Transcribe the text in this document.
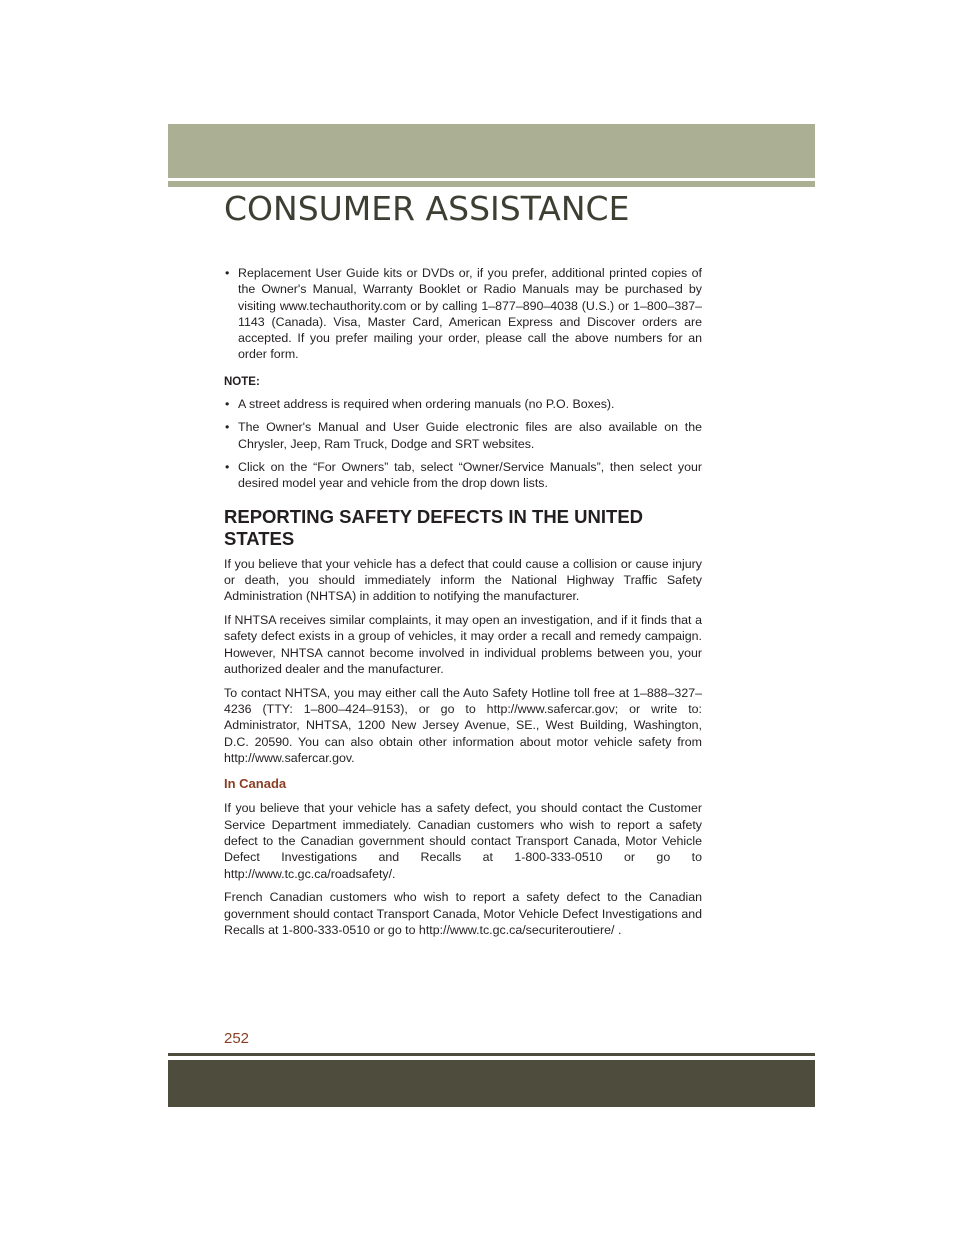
CONSUMER ASSISTANCE
• Replacement User Guide kits or DVDs or, if you prefer, additional printed copies of the Owner's Manual, Warranty Booklet or Radio Manuals may be purchased by visiting www.techauthority.com or by calling 1–877–890–4038 (U.S.) or 1–800–387–1143 (Canada). Visa, Master Card, American Express and Discover orders are accepted. If you prefer mailing your order, please call the above numbers for an order form.

NOTE:

• A street address is required when ordering manuals (no P.O. Boxes).
• The Owner's Manual and User Guide electronic files are also available on the Chrysler, Jeep, Ram Truck, Dodge and SRT websites.
• Click on the “For Owners” tab, select “Owner/Service Manuals”, then select your desired model year and vehicle from the drop down lists.
REPORTING SAFETY DEFECTS IN THE UNITED STATES

If you believe that your vehicle has a defect that could cause a collision or cause injury or death, you should immediately inform the National Highway Traffic Safety Administration (NHTSA) in addition to notifying the manufacturer.

If NHTSA receives similar complaints, it may open an investigation, and if it finds that a safety defect exists in a group of vehicles, it may order a recall and remedy campaign. However, NHTSA cannot become involved in individual problems between you, your authorized dealer and the manufacturer.

To contact NHTSA, you may either call the Auto Safety Hotline toll free at 1–888–327–4236 (TTY: 1–800–424–9153), or go to http://www.safercar.gov; or write to: Administrator, NHTSA, 1200 New Jersey Avenue, SE., West Building, Washington, D.C. 20590. You can also obtain other information about motor vehicle safety from http://www.safercar.gov.

In Canada

If you believe that your vehicle has a safety defect, you should contact the Customer Service Department immediately. Canadian customers who wish to report a safety defect to the Canadian government should contact Transport Canada, Motor Vehicle Defect Investigations and Recalls at 1-800-333-0510 or go to http://www.tc.gc.ca/roadsafety/.

French Canadian customers who wish to report a safety defect to the Canadian government should contact Transport Canada, Motor Vehicle Defect Investigations and Recalls at 1-800-333-0510 or go to http://www.tc.gc.ca/securiteroutiere/ .

252
